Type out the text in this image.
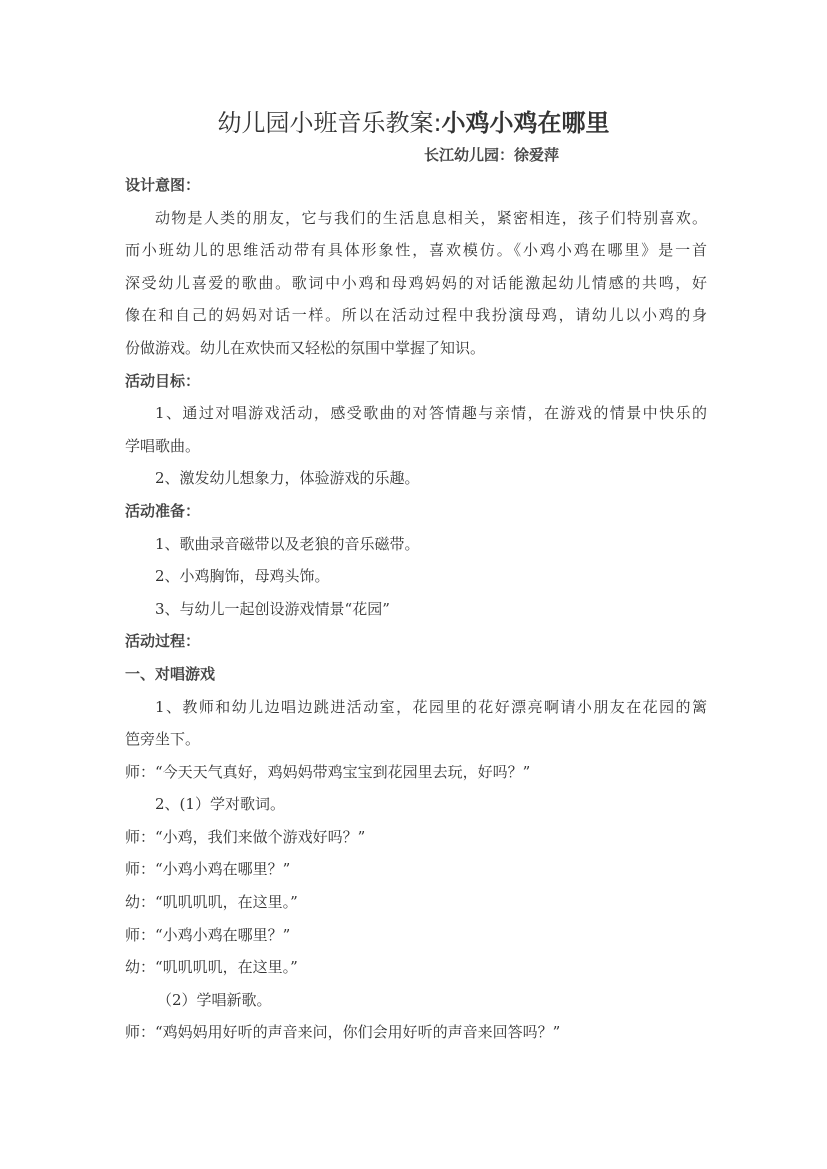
幼儿园小班音乐教案:小鸡小鸡在哪里
长江幼儿园：徐爱萍
设计意图：
动物是人类的朋友，它与我们的生活息息相关，紧密相连，孩子们特别喜欢。
而小班幼儿的思维活动带有具体形象性，喜欢模仿。《小鸡小鸡在哪里》是一首
深受幼儿喜爱的歌曲。歌词中小鸡和母鸡妈妈的对话能激起幼儿情感的共鸣，好
像在和自己的妈妈对话一样。所以在活动过程中我扮演母鸡，请幼儿以小鸡的身
份做游戏。幼儿在欢快而又轻松的氛围中掌握了知识。
活动目标：
1、通过对唱游戏活动，感受歌曲的对答情趣与亲情，在游戏的情景中快乐的
学唱歌曲。
2、激发幼儿想象力，体验游戏的乐趣。
活动准备：
1、歌曲录音磁带以及老狼的音乐磁带。
2、小鸡胸饰，母鸡头饰。
3、与幼儿一起创设游戏情景“花园”
活动过程：
一、对唱游戏
1、教师和幼儿边唱边跳进活动室，花园里的花好漂亮啊请小朋友在花园的篱
笆旁坐下。
师：“今天天气真好，鸡妈妈带鸡宝宝到花园里去玩，好吗？”
2、(1）学对歌词。
师：“小鸡，我们来做个游戏好吗？”
师：“小鸡小鸡在哪里？”
幼：“叽叽叽叽，在这里。”
师：“小鸡小鸡在哪里？”
幼：“叽叽叽叽，在这里。”
（2）学唱新歌。
师：“鸡妈妈用好听的声音来问，你们会用好听的声音来回答吗？”
